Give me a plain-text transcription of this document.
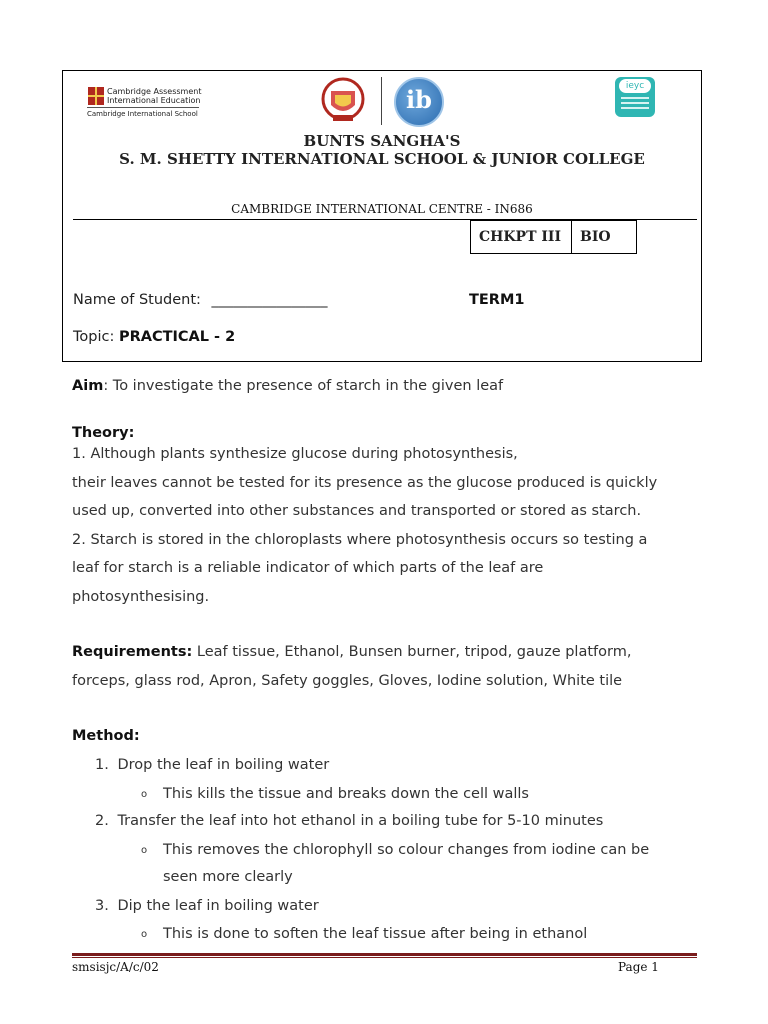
Cambridge Assessment
International Education
Cambridge International School	ib	ieyc
BUNTS SANGHA'S
S. M. SHETTY INTERNATIONAL SCHOOL & JUNIOR COLLEGE
CAMBRIDGE INTERNATIONAL CENTRE - IN686
CHKPT III	BIO
Name of Student: ________________	TERM1
Topic: PRACTICAL - 2
Aim: To investigate the presence of starch in the given leaf
Theory:
1. Although plants synthesize glucose during photosynthesis,
their leaves cannot be tested for its presence as the glucose produced is quickly
used up, converted into other substances and transported or stored as starch.
2. Starch is stored in the chloroplasts where photosynthesis occurs so testing a
leaf for starch is a reliable indicator of which parts of the leaf are
photosynthesising.
Requirements: Leaf tissue, Ethanol, Bunsen burner, tripod, gauze platform,
forceps, glass rod, Apron, Safety goggles, Gloves, Iodine solution, White tile
Method:
1. Drop the leaf in boiling water
o This kills the tissue and breaks down the cell walls
2. Transfer the leaf into hot ethanol in a boiling tube for 5-10 minutes
o This removes the chlorophyll so colour changes from iodine can be
seen more clearly
3. Dip the leaf in boiling water
o This is done to soften the leaf tissue after being in ethanol
smsisjc/A/c/02	Page 1
